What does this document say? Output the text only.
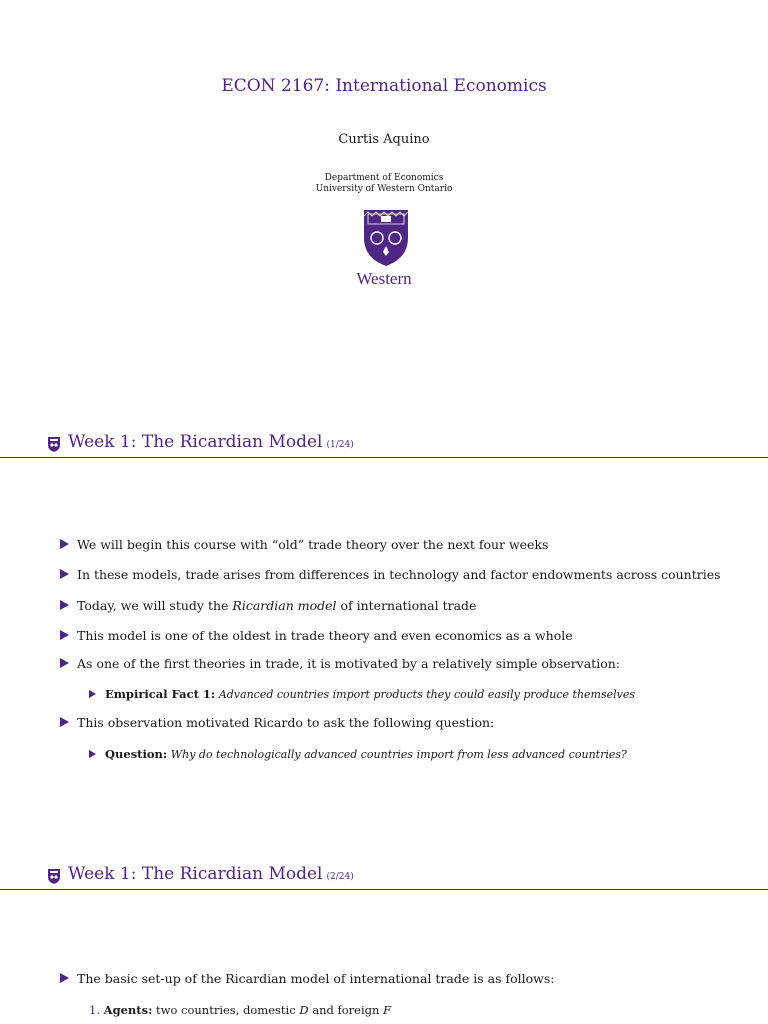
ECON 2167: International Economics
Curtis Aquino
Department of Economics
University of Western Ontario
Western
Week 1: The Ricardian Model (1/24)
We will begin this course with “old” trade theory over the next four weeks
In these models, trade arises from differences in technology and factor endowments across countries
Today, we will study the Ricardian model of international trade
This model is one of the oldest in trade theory and even economics as a whole
As one of the first theories in trade, it is motivated by a relatively simple observation:
Empirical Fact 1: Advanced countries import products they could easily produce themselves
This observation motivated Ricardo to ask the following question:
Question: Why do technologically advanced countries import from less advanced countries?
Week 1: The Ricardian Model (2/24)
The basic set-up of the Ricardian model of international trade is as follows:
1. Agents: two countries, domestic D and foreign F
